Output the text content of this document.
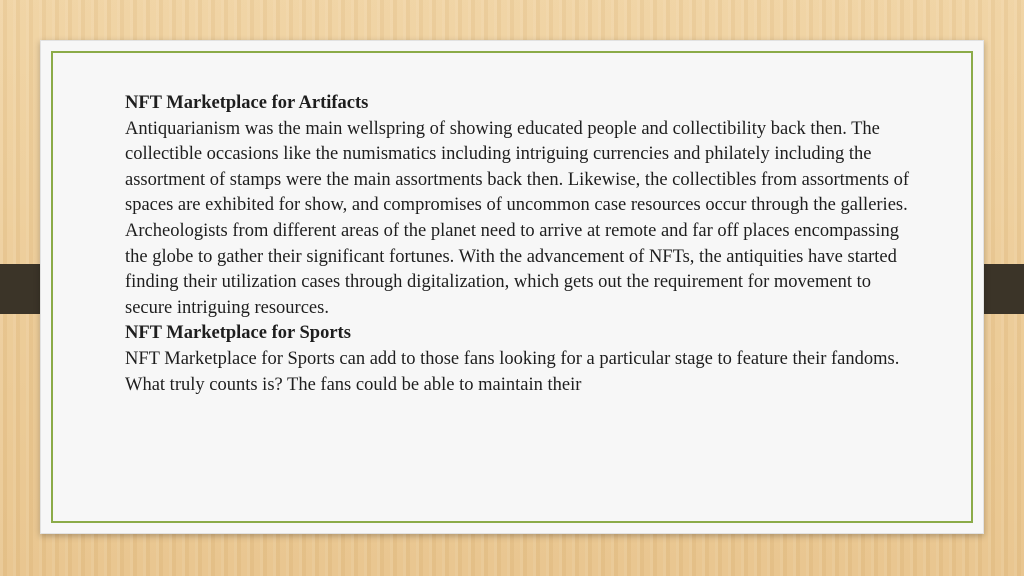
NFT Marketplace for Artifacts

Antiquarianism was the main wellspring of showing educated people and collectibility back then. The collectible occasions like the numismatics including intriguing currencies and philately including the assortment of stamps were the main assortments back then. Likewise, the collectibles from assortments of spaces are exhibited for show, and compromises of uncommon case resources occur through the galleries. Archeologists from different areas of the planet need to arrive at remote and far off places encompassing the globe to gather their significant fortunes. With the advancement of NFTs, the antiquities have started finding their utilization cases through digitalization, which gets out the requirement for movement to secure intriguing resources.

NFT Marketplace for Sports

NFT Marketplace for Sports can add to those fans looking for a particular stage to feature their fandoms. What truly counts is? The fans could be able to maintain their
